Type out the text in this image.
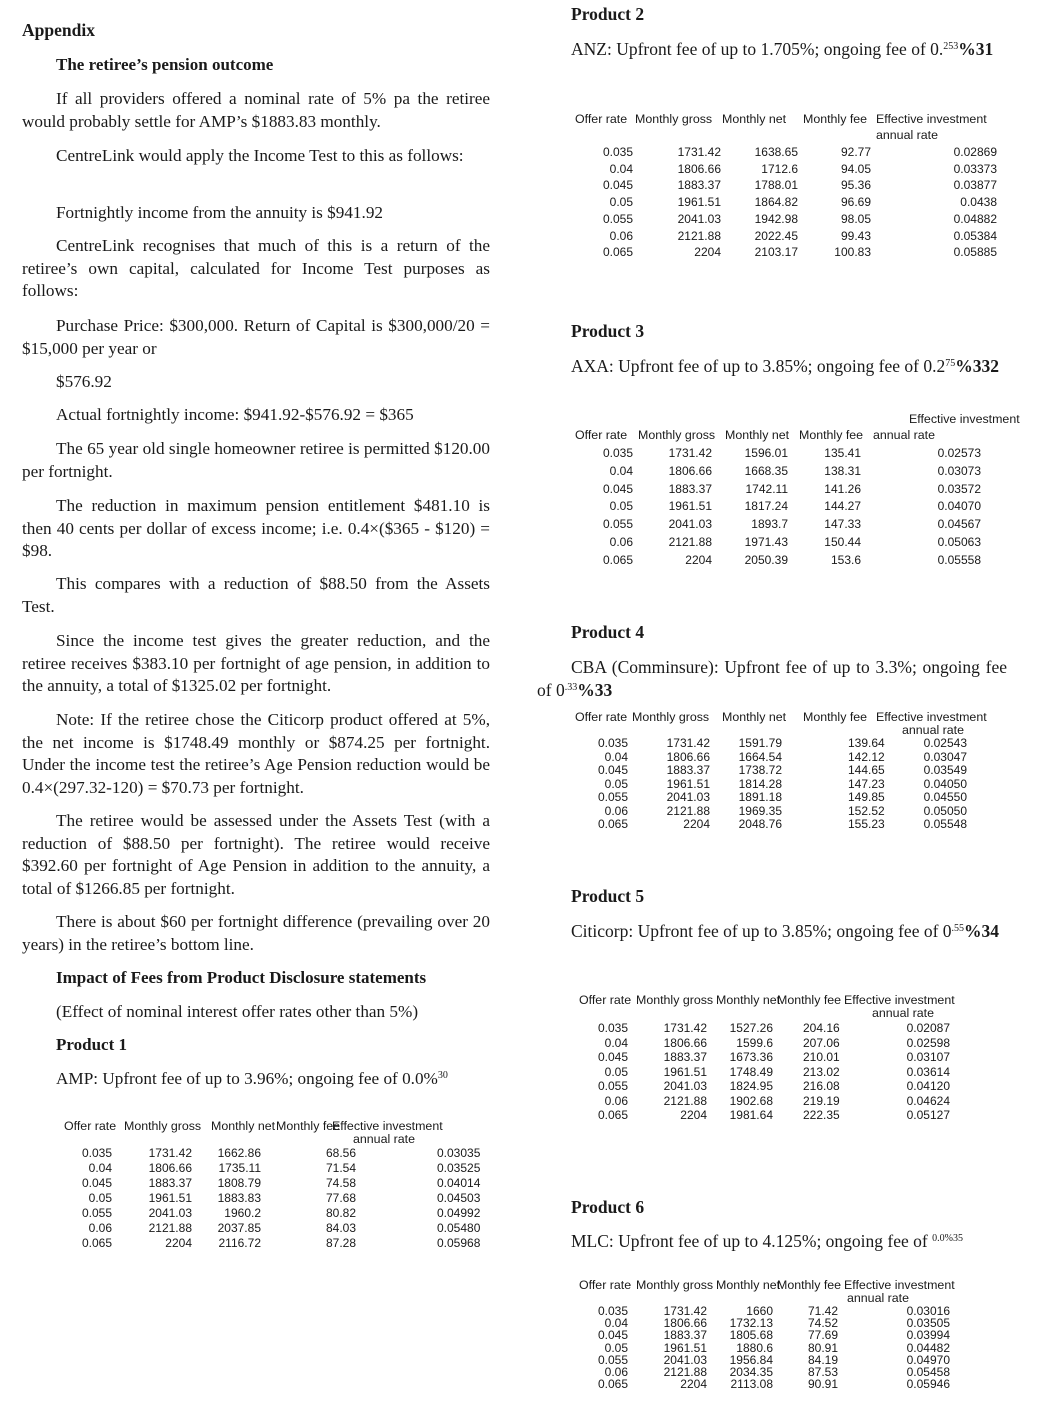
Appendix

The retiree’s pension outcome

If all providers offered a nominal rate of 5% pa the retiree would probably settle for AMP’s $1883.83 monthly.

CentreLink would apply the Income Test to this as follows:

Fortnightly income from the annuity is $941.92

CentreLink recognises that much of this is a return of the retiree’s own capital, calculated for Income Test purposes as follows:

Purchase Price: $300,000. Return of Capital is $300,000/20 = $15,000 per year or

$576.92

Actual fortnightly income: $941.92-$576.92 = $365

The 65 year old single homeowner retiree is permitted $120.00 per fortnight.

The reduction in maximum pension entitlement $481.10 is then 40 cents per dollar of excess income; i.e. 0.4×($365 - $120) = $98.

This compares with a reduction of $88.50 from the Assets Test.

Since the income test gives the greater reduction, and the retiree receives $383.10 per fortnight of age pension, in addition to the annuity, a total of $1325.02 per fortnight.

Note: If the retiree chose the Citicorp product offered at 5%, the net income is $1748.49 monthly or $874.25 per fortnight. Under the income test the retiree’s Age Pension reduction would be 0.4×(297.32-120) = $70.73 per fortnight.

The retiree would be assessed under the Assets Test (with a reduction of $88.50 per fortnight). The retiree would receive $392.60 per fortnight of Age Pension in addition to the annuity, a total of $1266.85 per fortnight.

There is about $60 per fortnight difference (prevailing over 20 years) in the retiree’s bottom line.

Impact of Fees from Product Disclosure statements

(Effect of nominal interest offer rates other than 5%)

Product 1

AMP: Upfront fee of up to 3.96%; ongoing fee of 0.0%$^{30}$

Offer rate Monthly gross Monthly net Monthly fee
Effective investment
annual rate
0.035	1731.42	1662.86	68.56	0.03035
0.04	1806.66	1735.11	71.54	0.03525
0.045	1883.37	1808.79	74.58	0.04014
0.05	1961.51	1883.83	77.68	0.04503
0.055	2041.03	1960.2	80.82	0.04992
0.06	2121.88	2037.85	84.03	0.05480
0.065	2204	2116.72	87.28	0.05968

Product 2

ANZ: Upfront fee of up to 1.705%; ongoing fee of 0.$^{253}$%31

Offer rate Monthly gross Monthly net Monthly fee Effective investment
annual rate
0.035	1731.42	1638.65	92.77	0.02869
0.04	1806.66	1712.6	94.05	0.03373
0.045	1883.37	1788.01	95.36	0.03877
0.05	1961.51	1864.82	96.69	0.0438
0.055	2041.03	1942.98	98.05	0.04882
0.06	2121.88	2022.45	99.43	0.05384
0.065	2204	2103.17	100.83	0.05885

Product 3

AXA: Upfront fee of up to 3.85%; ongoing fee of $0.2^{75}\%332$

Effective investment
Offer rate Monthly gross Monthly net Monthly fee annual rate
0.035	1731.42	1596.01	135.41	0.02573
0.04	1806.66	1668.35	138.31	0.03073
0.045	1883.37	1742.11	141.26	0.03572
0.05	1961.51	1817.24	144.27	0.04070
0.055	2041.03	1893.7	147.33	0.04567
0.06	2121.88	1971.43	150.44	0.05063
0.065	2204	2050.39	153.6	0.05558

Product 4

CBA (Comminsure): Upfront fee of up to 3.3%; ongoing fee of $0^{.33}\%33$

Offer rate Monthly gross Monthly net Monthly fee Effective investment
annual rate
0.035	1731.42	1591.79	139.64	0.02543
0.04	1806.66	1664.54	142.12	0.03047
0.045	1883.37	1738.72	144.65	0.03549
0.05	1961.51	1814.28	147.23	0.04050
0.055	2041.03	1891.18	149.85	0.04550
0.06	2121.88	1969.35	152.52	0.05050
0.065	2204	2048.76	155.23	0.05548

Product 5

Citicorp: Upfront fee of up to 3.85%; ongoing fee of $0^{.55}\%34$

Offer rate Monthly gross Monthly net
Monthly fee Effective investment
annual rate
0.035	1731.42	1527.26	204.16	0.02087
0.04	1806.66	1599.6	207.06	0.02598
0.045	1883.37	1673.36	210.01	0.03107
0.05	1961.51	1748.49	213.02	0.03614
0.055	2041.03	1824.95	216.08	0.04120
0.06	2121.88	1902.68	219.19	0.04624
0.065	2204	1981.64	222.35	0.05127

Product 6

MLC: Upfront fee of up to 4.125%; ongoing fee of $^{0.0\%35}$

Offer rate Monthly gross Monthly net
Monthly fee Effective investment
annual rate
0.035	1731.42	1660	71.42	0.03016
0.04	1806.66	1732.13	74.52	0.03505
0.045	1883.37	1805.68	77.69	0.03994
0.05	1961.51	1880.6	80.91	0.04482
0.055	2041.03	1956.84	84.19	0.04970
0.06	2121.88	2034.35	87.53	0.05458
0.065	2204	2113.08	90.91	0.05946
